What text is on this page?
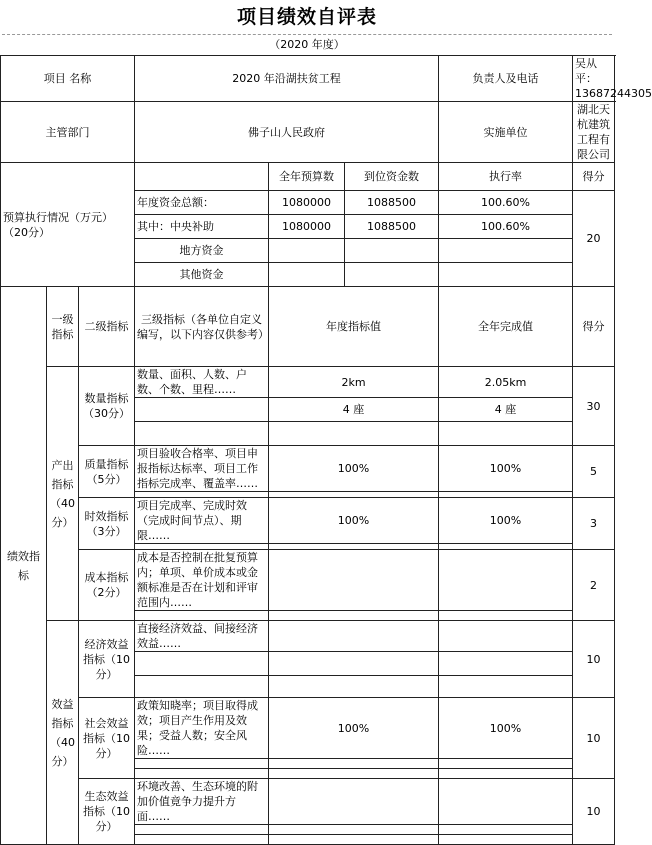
项目绩效自评表
（2020 年度）
项目 名称			2020 年沿湖扶贫工程			负责人及电话	吴从平：13687244305
主管部门			佛子山人民政府			实施单位	湖北天杭建筑工程有限公司
预算执行情况（万元）（20分）				全年预算数	到位资金数	执行率	得分
			年度资金总额：	1080000	1088500	100.60%	20
			其中：中央补助	1080000	1088500	100.60%	
			地方资金				
			其他资金				
绩效指标	一级指标	二级指标	三级指标（各单位自定义编写，以下内容仅供参考）	年度指标值		全年完成值	得分
	产出指标（40分）	数量指标（30分）	数量、面积、人数、户数、个数、里程……	2km		2.05km	30
				4 座		4 座	

		质量指标（5分）	项目验收合格率、项目申报指标达标率、项目工作指标完成率、覆盖率……	100%		100%	5

		时效指标（3分）	项目完成率、完成时效（完成时间节点）、期限……	100%		100%	3

		成本指标（2分）	成本是否控制在批复预算内；单项、单价成本或金额标准是否在计划和评审范围内……				2

	效益指标（40分）	经济效益指标（10分）	直接经济效益、间接经济效益……				10

		社会效益指标（10分）	政策知晓率；项目取得成效；项目产生作用及效果；受益人数；安全风险……	100%		100%	10

		生态效益指标（10分）	环境改善、生态环境的附加价值竟争力提升方面……				10
